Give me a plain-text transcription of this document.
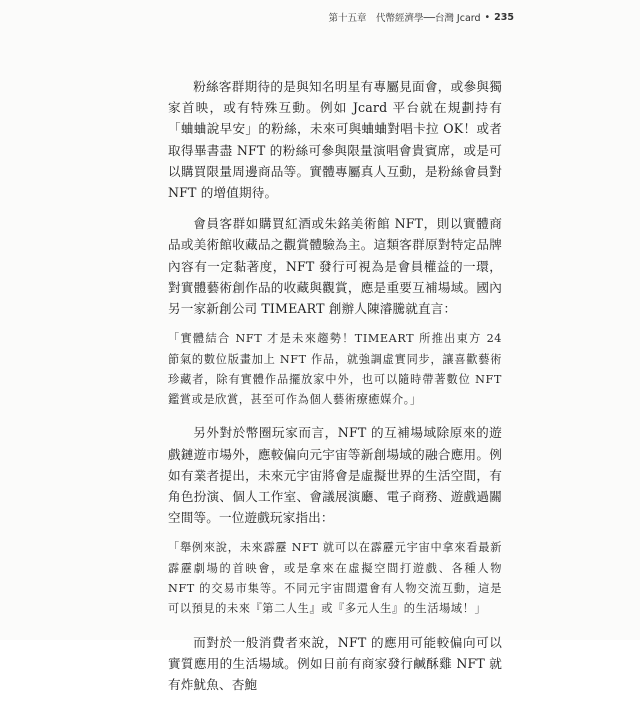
第十五章　代幣經濟學──台灣 Jcard • 235

粉絲客群期待的是與知名明星有專屬見面會，或參與獨家首映，或有特殊互動。例如 Jcard 平台就在規劃持有「蛐蛐說早安」的粉絲，未來可與蛐蛐對唱卡拉 OK！或者取得畢書盡 NFT 的粉絲可參與限量演唱會貴賓席，或是可以購買限量周邊商品等。實體專屬真人互動，是粉絲會員對 NFT 的增值期待。

會員客群如購買紅酒或朱銘美術館 NFT，則以實體商品或美術館收藏品之觀賞體驗為主。這類客群原對特定品牌內容有一定黏著度，NFT 發行可視為是會員權益的一環，對實體藝術創作品的收藏與觀賞，應是重要互補場域。國內另一家新創公司 TIMEART 創辦人陳濬騰就直言：

「實體結合 NFT 才是未來趨勢！TIMEART 所推出東方 24 節氣的數位版畫加上 NFT 作品，就強調虛實同步，讓喜歡藝術珍藏者，除有實體作品擺放家中外，也可以隨時帶著數位 NFT 鑑賞或是欣賞，甚至可作為個人藝術療癒媒介。」

另外對於幣圈玩家而言，NFT 的互補場域除原來的遊戲鏈遊市場外，應較偏向元宇宙等新創場域的融合應用。例如有業者提出，未來元宇宙將會是虛擬世界的生活空間，有角色扮演、個人工作室、會議展演廳、電子商務、遊戲過關空間等。一位遊戲玩家指出：

「舉例來說，未來霹靂 NFT 就可以在霹靂元宇宙中拿來看最新霹靂劇場的首映會，或是拿來在虛擬空間打遊戲、各種人物 NFT 的交易市集等。不同元宇宙間還會有人物交流互動，這是可以預見的未來『第二人生』或『多元人生』的生活場域！」

而對於一般消費者來說，NFT 的應用可能較偏向可以實質應用的生活場域。例如日前有商家發行鹹酥雞 NFT 就有炸魷魚、杏鮑
